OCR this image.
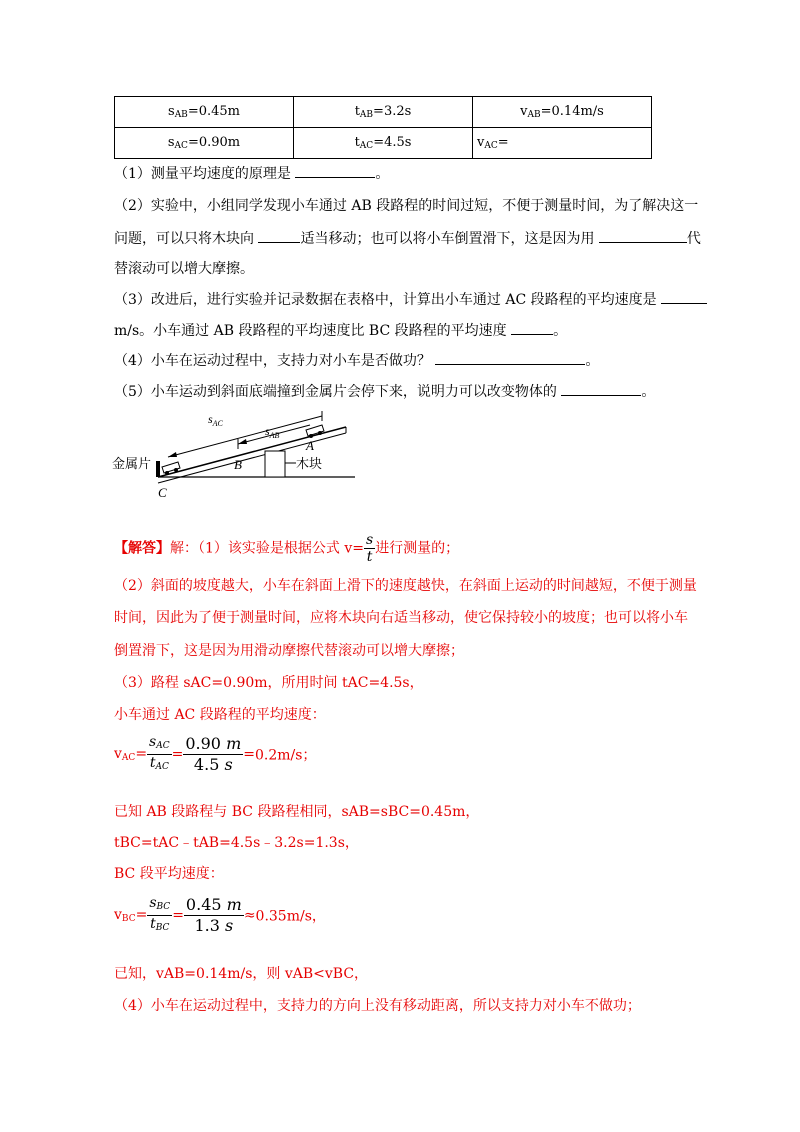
$s_{AB}=0.45m$	$t_{AB}=3.2s$	$v_{AB}=0.14m/s$
$s_{AC}=0.90m$	$t_{AC}=4.5s$	$v_{AC}=$
（1）测量平均速度的原理是	。
（2）实验中，小组同学发现小车通过 AB 段路程的时间过短，不便于测量时间，为了解决这一
问题，可以只将木块向	适当移动；也可以将小车倒置滑下，这是因为用	代
替滚动可以增大摩擦。
（3）改进后，进行实验并记录数据在表格中，计算出小车通过 AC 段路程的平均速度是
m/s。小车通过 AB 段路程的平均速度比 BC 段路程的平均速度	。
（4）小车在运动过程中，支持力对小车是否做功？	。
（5）小车运动到斜面底端撞到金属片会停下来，说明力可以改变物体的	。
$s_{AC}$
$s_{AB}$
A
B
C
金属片	木块
【解答】解：（1）该实验是根据公式 $v= \frac{s}{t}$ 进行测量的；
（2）斜面的坡度越大，小车在斜面上滑下的速度越快，在斜面上运动的时间越短，不便于测量
时间，因此为了便于测量时间，应将木块向右适当移动，使它保持较小的坡度；也可以将小车
倒置滑下，这是因为用滑动摩擦代替滚动可以增大摩擦；
（3）路程 sAC=0.90m，所用时间 tAC=4.5s，
小车通过 AC 段路程的平均速度：
$v_{AC}= \frac{s_{AC}}{t_{AC}} = \frac{0.90 m}{4.5 s} =0.2m/s$；
已知 AB 段路程与 BC 段路程相同，sAB=sBC=0.45m，
tBC=tAC﹣tAB=4.5s﹣3.2s=1.3s，
BC 段平均速度：
$v_{BC}= \frac{s_{BC}}{t_{BC}} = \frac{0.45 m}{1.3 s} \approx 0.35m/s$，
已知，vAB=0.14m/s，则 vAB<vBC，
（4）小车在运动过程中，支持力的方向上没有移动距离，所以支持力对小车不做功；
